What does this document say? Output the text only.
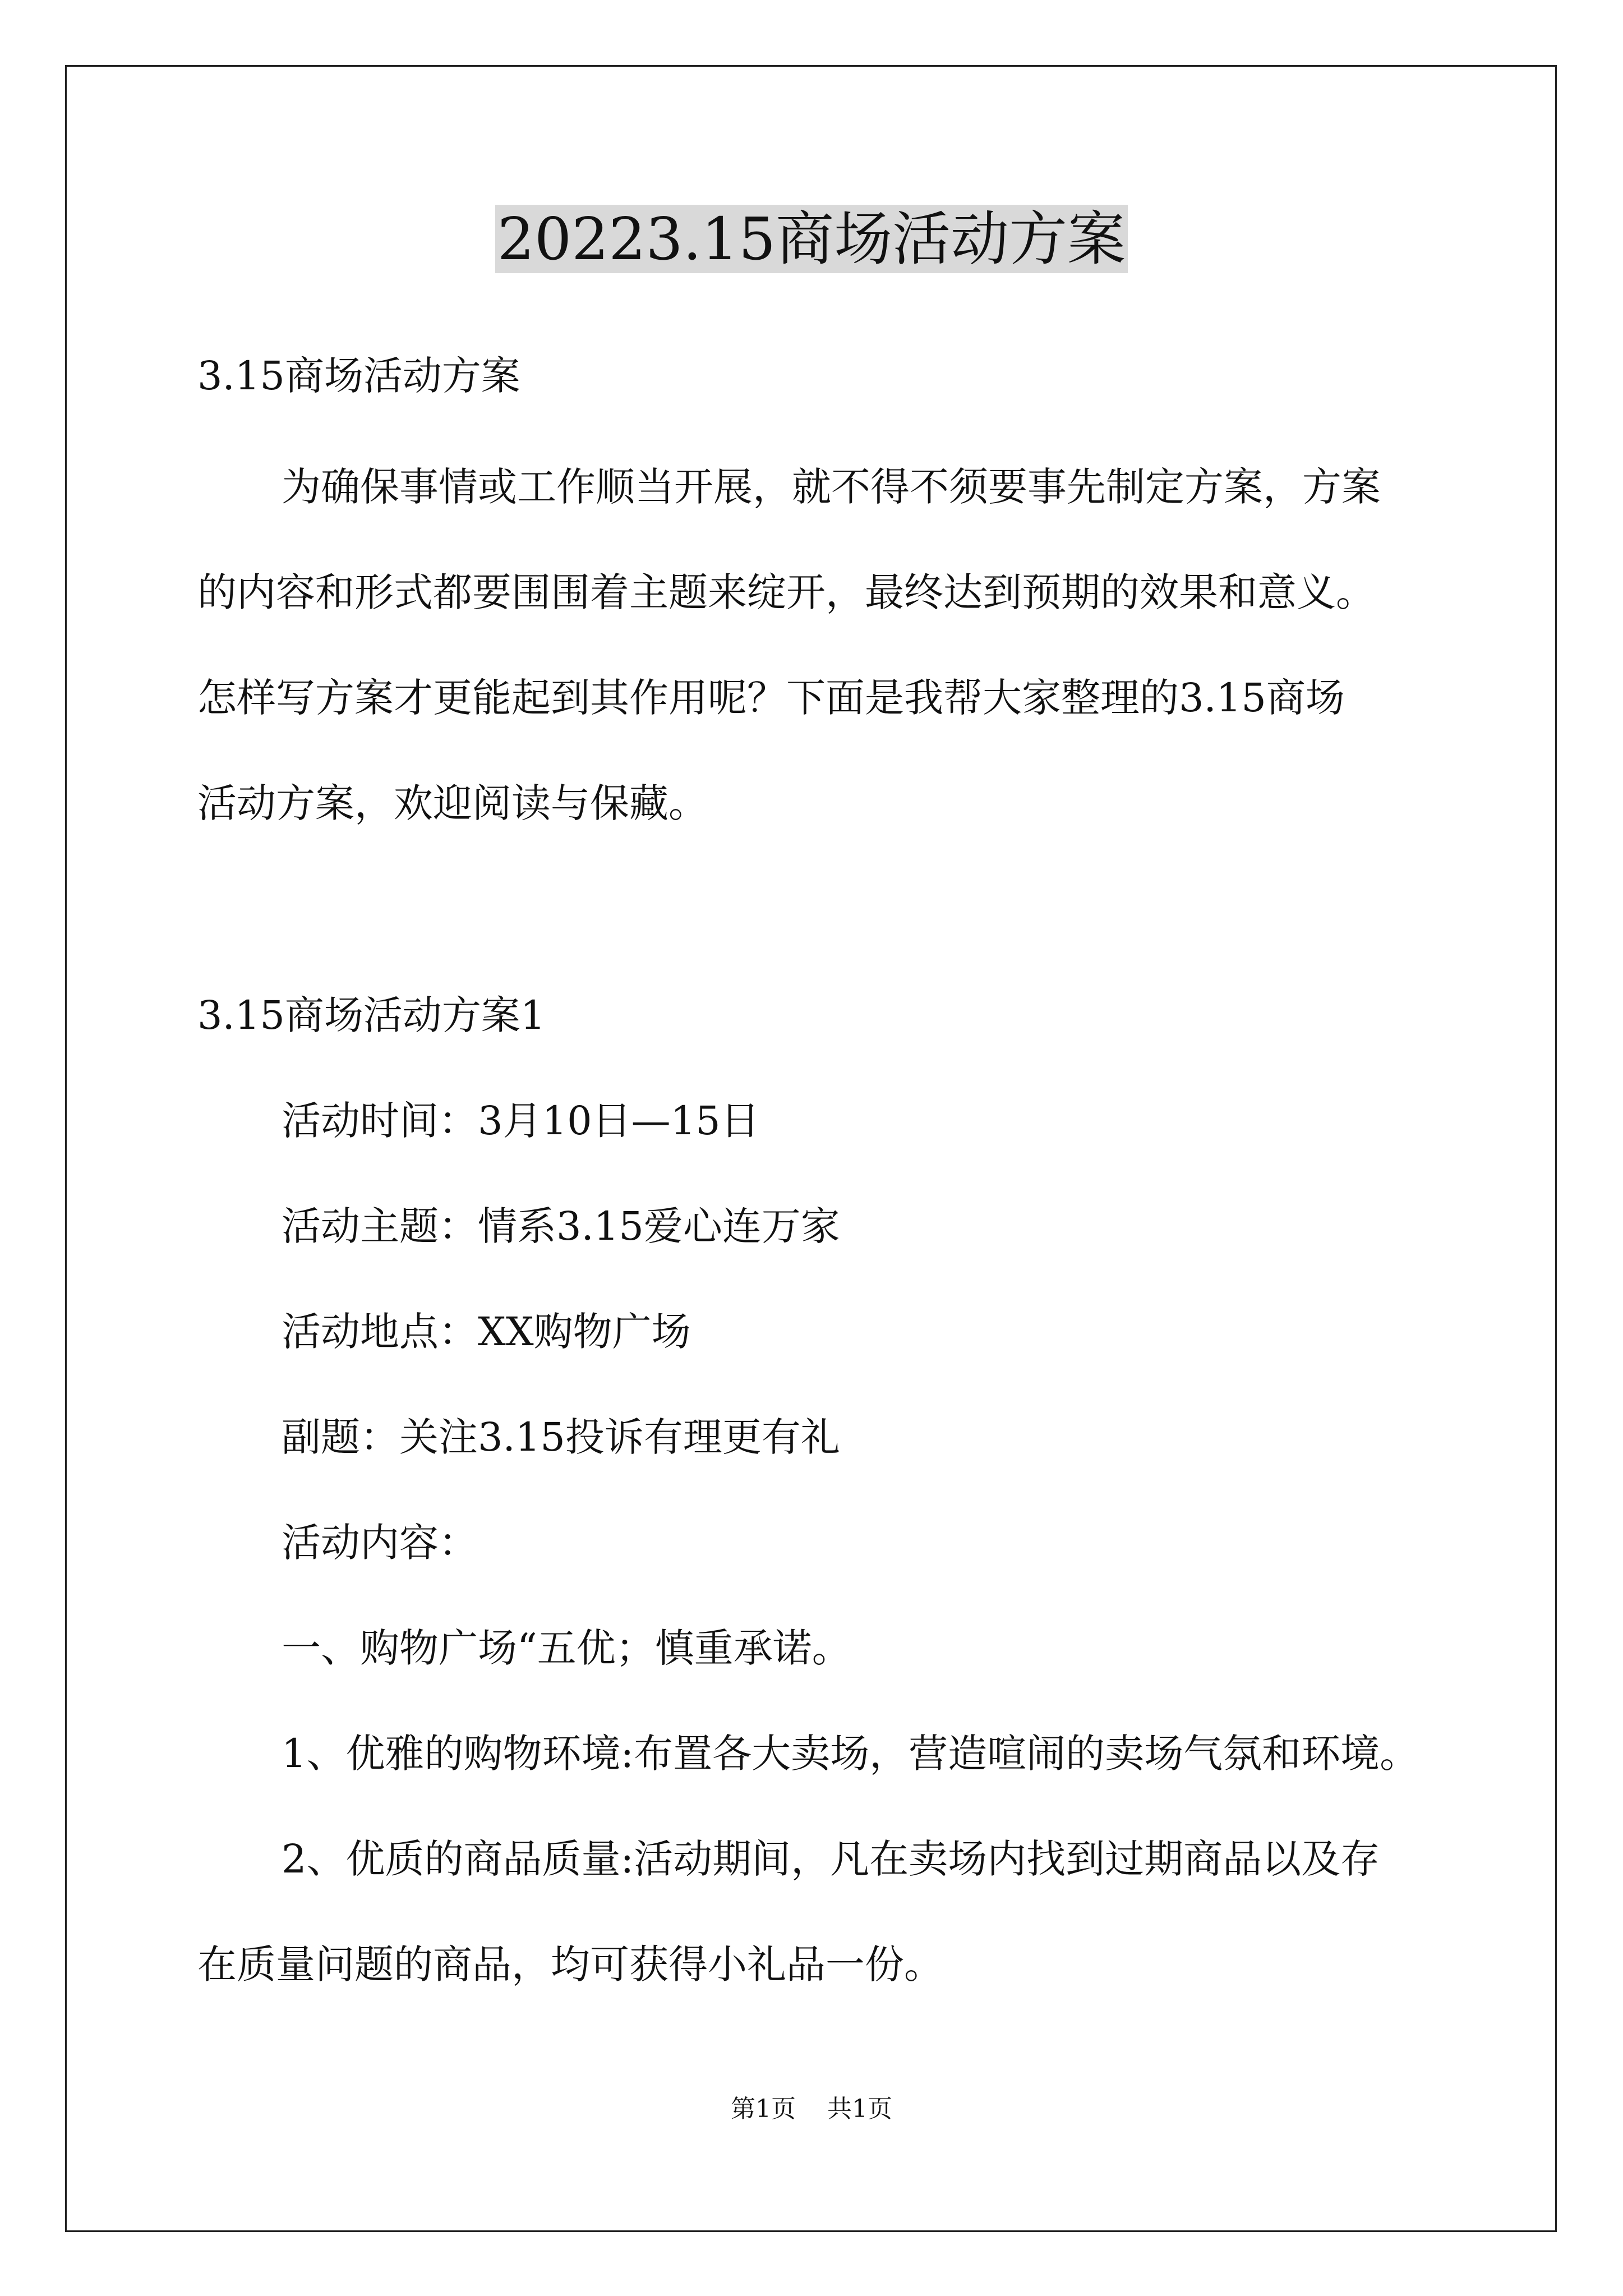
20223.15商场活动方案

3.15商场活动方案

为确保事情或工作顺当开展，就不得不须要事先制定方案，方案

的内容和形式都要围围着主题来绽开，最终达到预期的效果和意义。

怎样写方案才更能起到其作用呢？下面是我帮大家整理的3.15商场

活动方案，欢迎阅读与保藏。

3.15商场活动方案1

活动时间：3月10日—15日

活动主题：情系3.15爱心连万家

活动地点：XX购物广场

副题：关注3.15投诉有理更有礼

活动内容：

一、购物广场“五优；慎重承诺。

1、优雅的购物环境:布置各大卖场，营造喧闹的卖场气氛和环境。

2、优质的商品质量:活动期间，凡在卖场内找到过期商品以及存

在质量问题的商品，均可获得小礼品一份。

第1页 共1页
